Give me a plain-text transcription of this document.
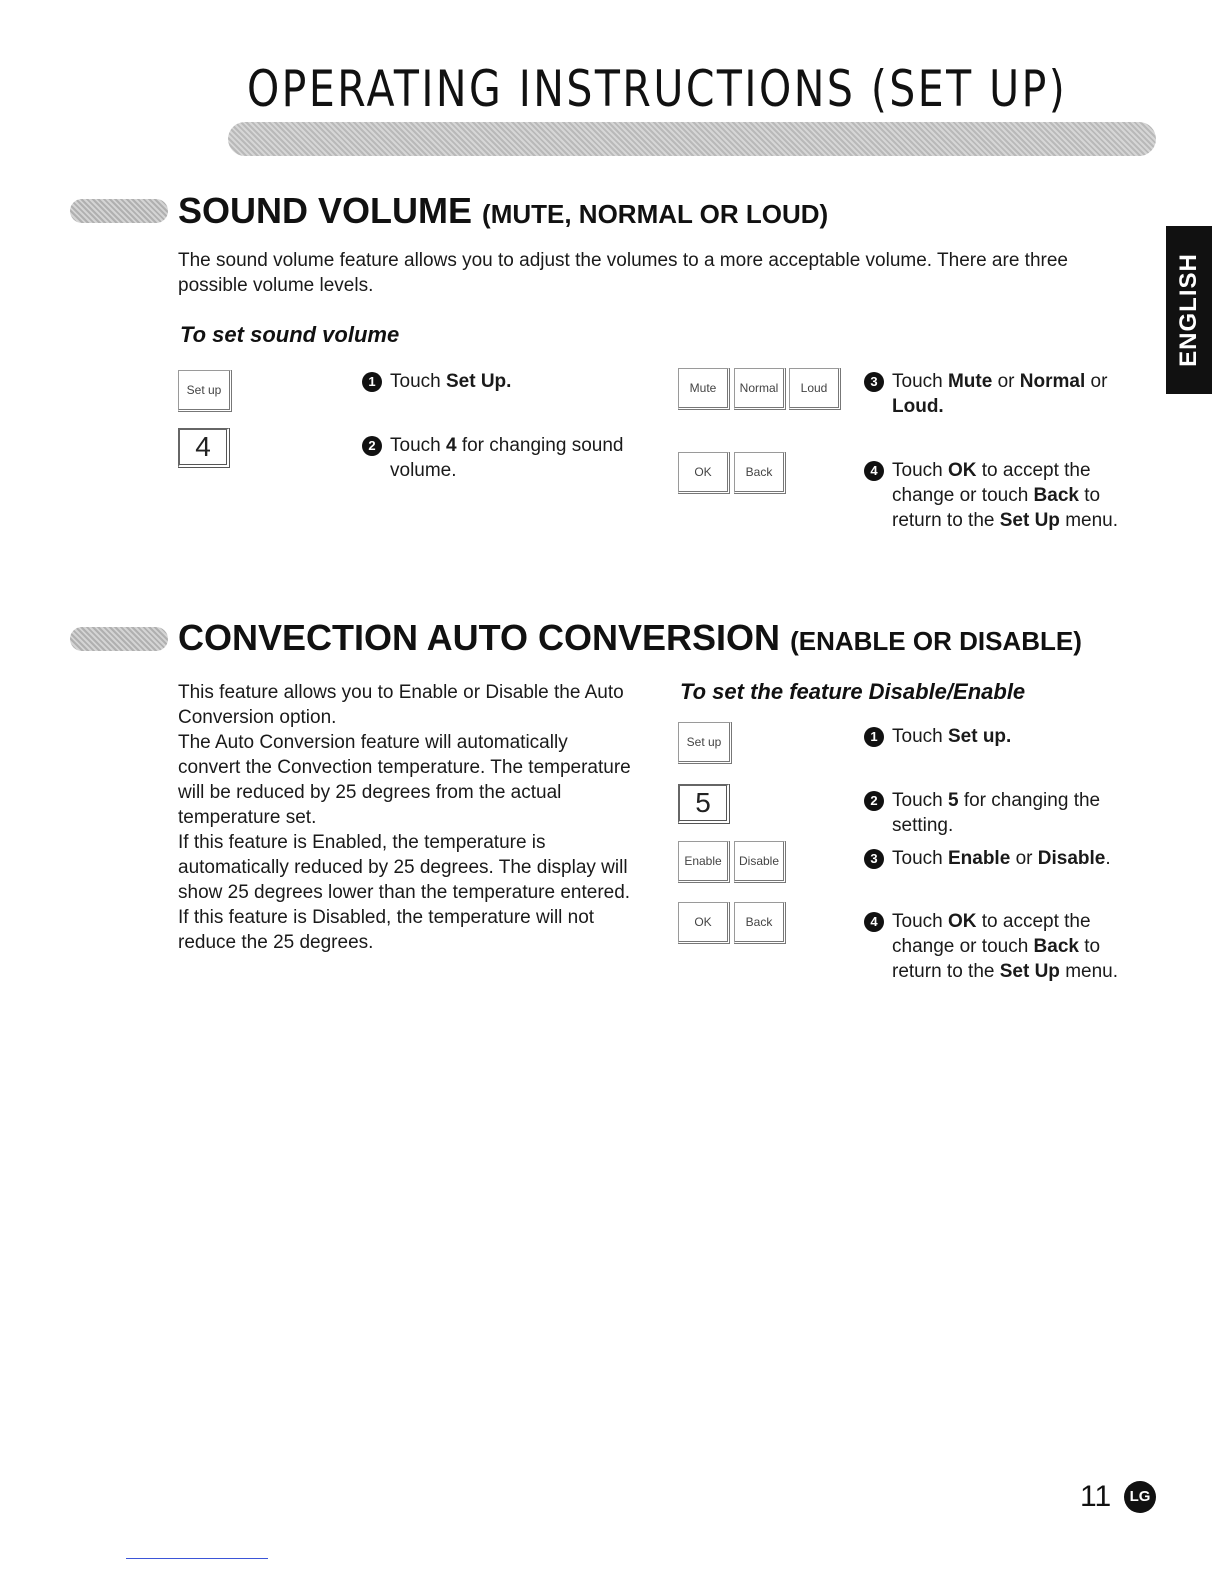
OPERATING INSTRUCTIONS (SET UP)
ENGLISH
SOUND VOLUME (MUTE, NORMAL OR LOUD)
The sound volume feature allows you to adjust the volumes to a more acceptable volume. There are three possible volume levels.
To set sound volume
Set up
4
Mute	Normal	Loud
OK	Back
1 Touch Set Up.
2 Touch 4 for changing sound volume.
3 Touch Mute or Normal or Loud.
4 Touch OK to accept the change or touch Back to return to the Set Up menu.
CONVECTION AUTO CONVERSION (ENABLE OR DISABLE)
This feature allows you to Enable or Disable the Auto
Conversion option.
The Auto Conversion feature will automatically
convert the Convection temperature. The temperature
will be reduced by 25 degrees from the actual
temperature set.
If this feature is Enabled, the temperature is
automatically reduced by 25 degrees. The display will
show 25 degrees lower than the temperature entered.
If this feature is Disabled, the temperature will not
reduce the 25 degrees.
To set the feature Disable/Enable
Set up
5
Enable	Disable
OK	Back
1 Touch Set up.
2 Touch 5 for changing the setting.
3 Touch Enable or Disable.
4 Touch OK to accept the change or touch Back to return to the Set Up menu.
11	LG
